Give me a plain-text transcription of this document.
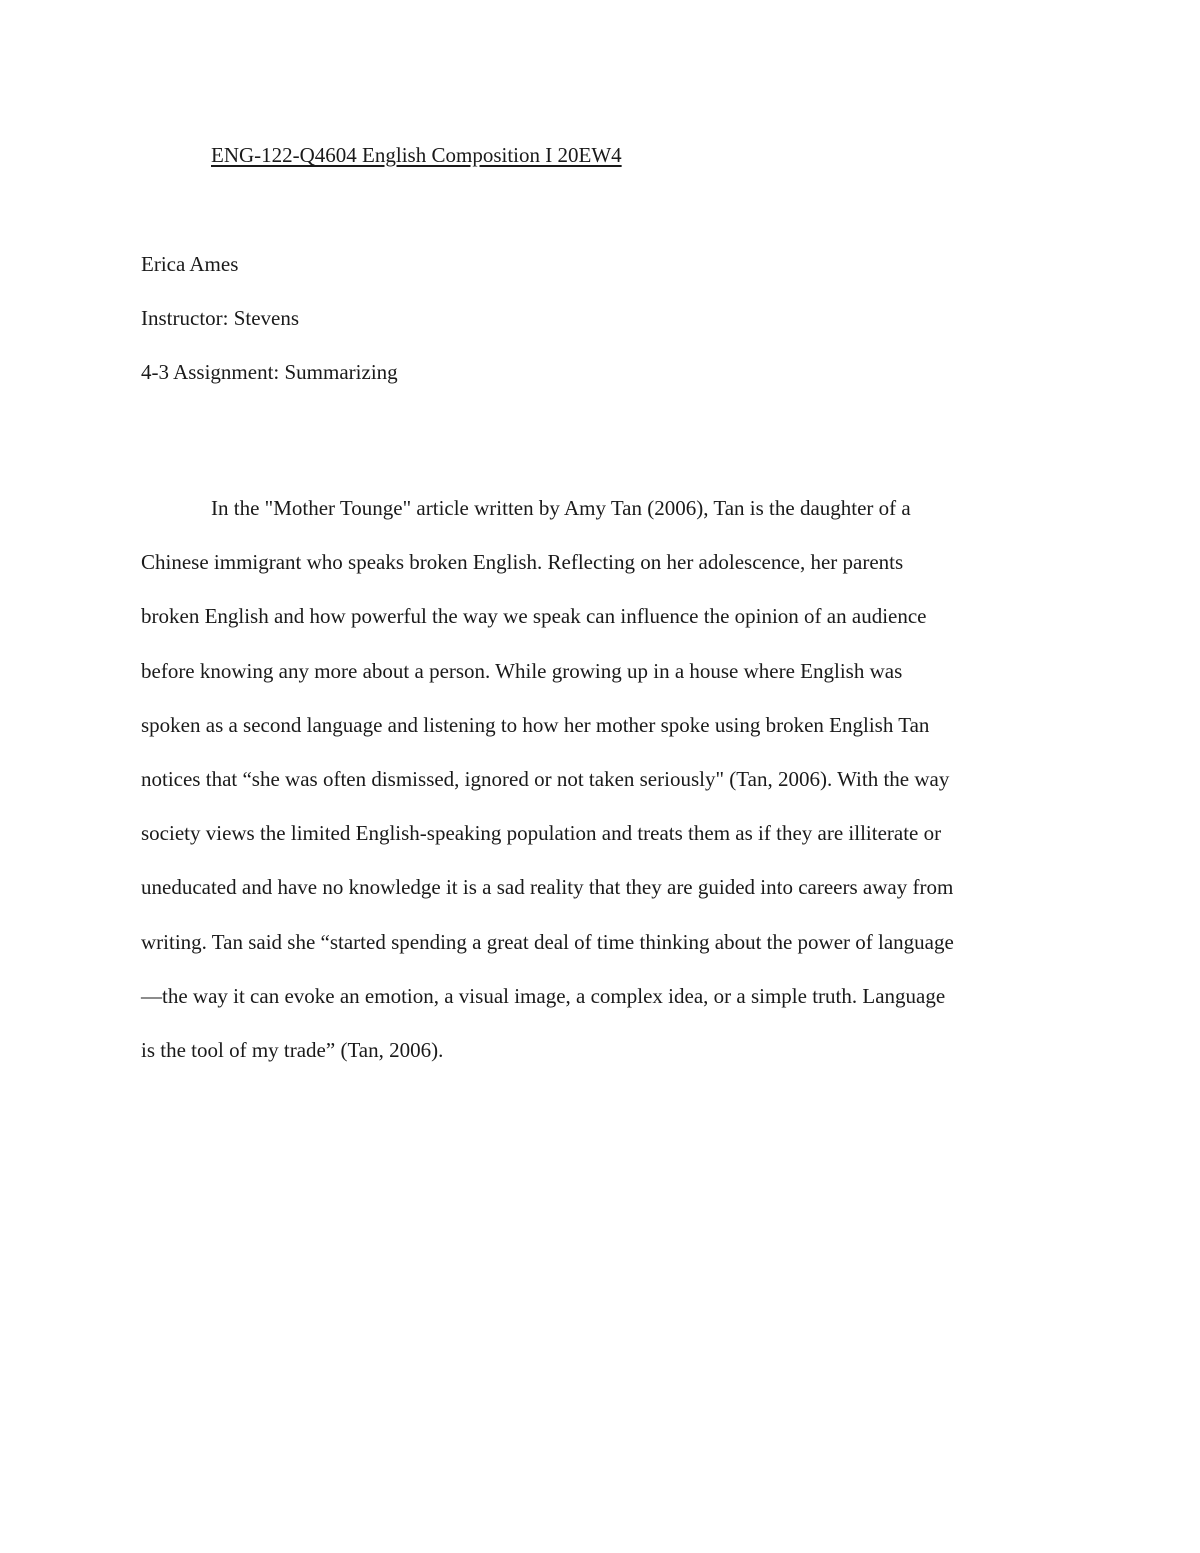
ENG-122-Q4604 English Composition I 20EW4
Erica Ames
Instructor: Stevens
4-3 Assignment: Summarizing
In the "Mother Tounge" article written by Amy Tan (2006), Tan is the daughter of a
Chinese immigrant who speaks broken English. Reflecting on her adolescence, her parents
broken English and how powerful the way we speak can influence the opinion of an audience
before knowing any more about a person. While growing up in a house where English was
spoken as a second language and listening to how her mother spoke using broken English Tan
notices that “she was often dismissed, ignored or not taken seriously" (Tan, 2006). With the way
society views the limited English-speaking population and treats them as if they are illiterate or
uneducated and have no knowledge it is a sad reality that they are guided into careers away from
writing. Tan said she “started spending a great deal of time thinking about the power of language
—the way it can evoke an emotion, a visual image, a complex idea, or a simple truth. Language
is the tool of my trade” (Tan, 2006).
